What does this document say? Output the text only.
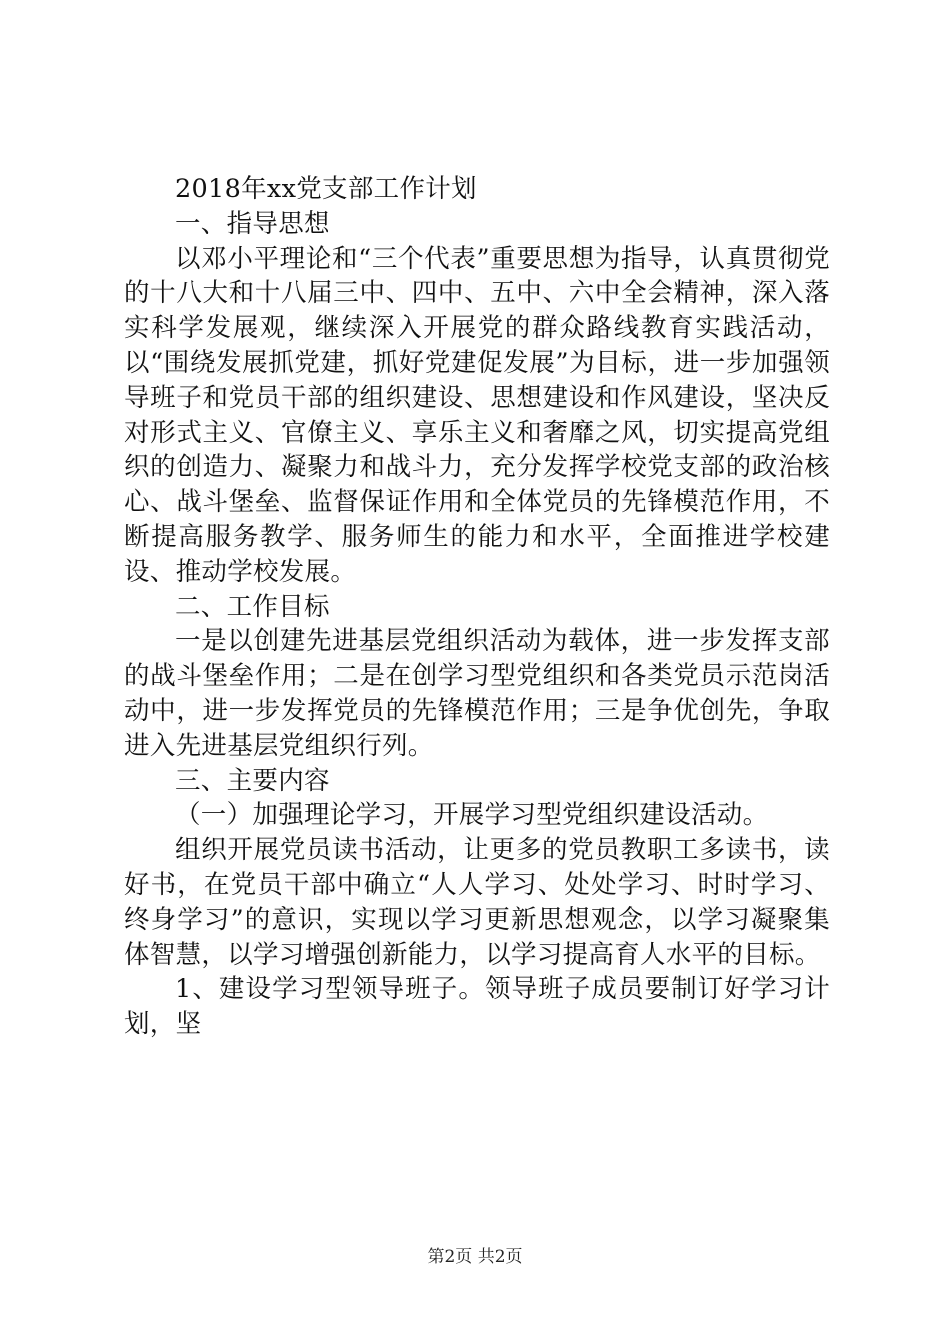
2018年xx党支部工作计划

一、指导思想

以邓小平理论和“三个代表”重要思想为指导，认真贯彻党的十八大和十八届三中、四中、五中、六中全会精神，深入落实科学发展观，继续深入开展党的群众路线教育实践活动，以“围绕发展抓党建，抓好党建促发展”为目标，进一步加强领导班子和党员干部的组织建设、思想建设和作风建设，坚决反对形式主义、官僚主义、享乐主义和奢靡之风，切实提高党组织的创造力、凝聚力和战斗力，充分发挥学校党支部的政治核心、战斗堡垒、监督保证作用和全体党员的先锋模范作用，不断提高服务教学、服务师生的能力和水平，全面推进学校建设、推动学校发展。

二、工作目标

一是以创建先进基层党组织活动为载体，进一步发挥支部的战斗堡垒作用；二是在创学习型党组织和各类党员示范岗活动中，进一步发挥党员的先锋模范作用；三是争优创先，争取进入先进基层党组织行列。

三、主要内容

（一）加强理论学习，开展学习型党组织建设活动。

组织开展党员读书活动，让更多的党员教职工多读书，读好书，在党员干部中确立“人人学习、处处学习、时时学习、终身学习”的意识，实现以学习更新思想观念，以学习凝聚集体智慧，以学习增强创新能力，以学习提高育人水平的目标。

1、建设学习型领导班子。领导班子成员要制订好学习计划，坚

第2页 共2页
